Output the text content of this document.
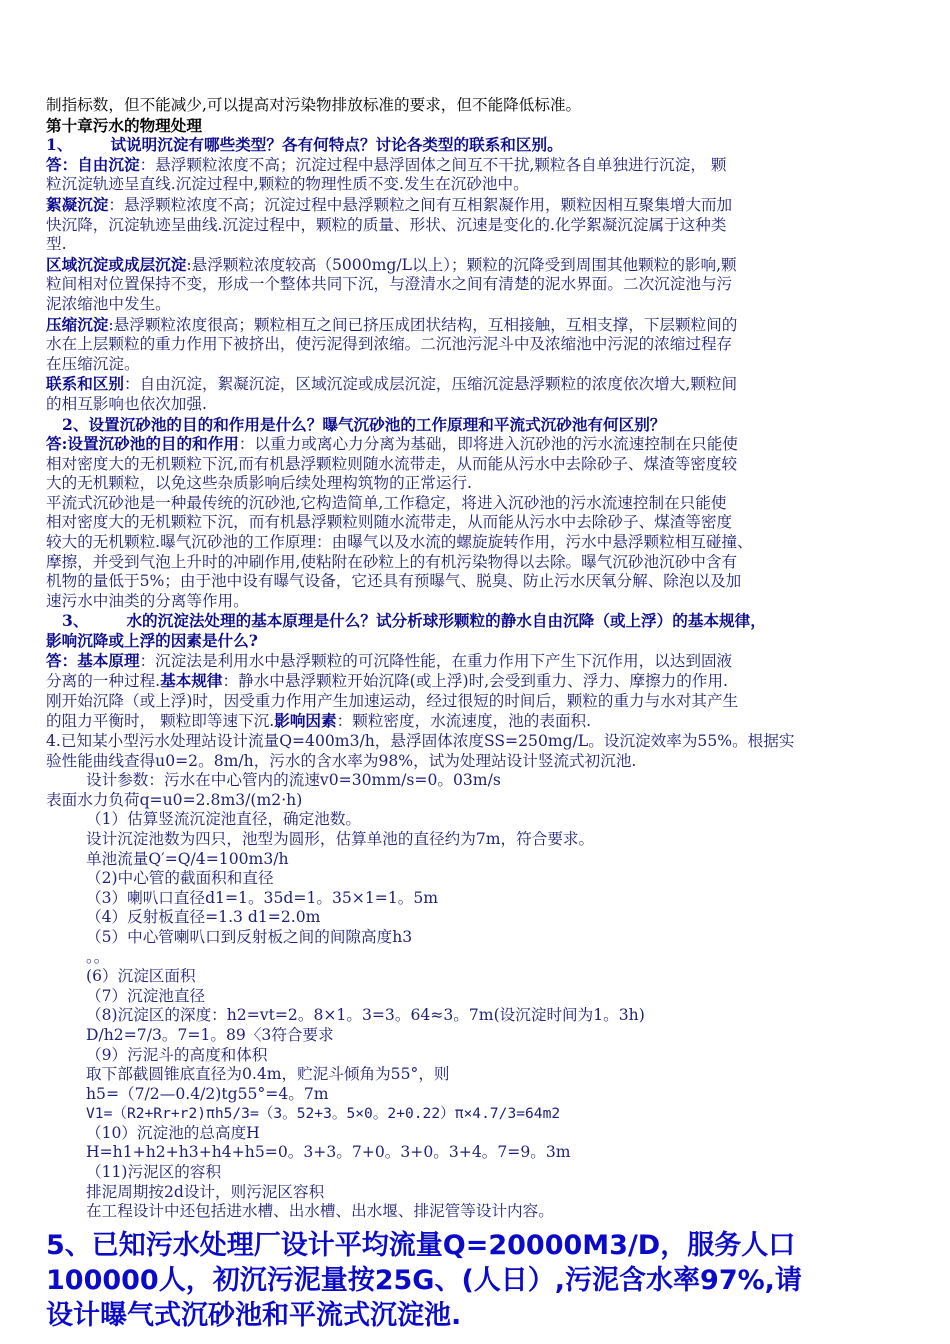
制指标数，但不能减少,可以提高对污染物排放标准的要求，但不能降低标准。
第十章污水的物理处理
1、 试说明沉淀有哪些类型？各有何特点？讨论各类型的联系和区别。
答：自由沉淀：悬浮颗粒浓度不高；沉淀过程中悬浮固体之间互不干扰,颗粒各自单独进行沉淀， 颗
粒沉淀轨迹呈直线.沉淀过程中,颗粒的物理性质不变.发生在沉砂池中。
絮凝沉淀：悬浮颗粒浓度不高；沉淀过程中悬浮颗粒之间有互相絮凝作用，颗粒因相互聚集增大而加
快沉降，沉淀轨迹呈曲线.沉淀过程中，颗粒的质量、形状、沉速是变化的.化学絮凝沉淀属于这种类
型.
区域沉淀或成层沉淀:悬浮颗粒浓度较高（5000mg/L以上）；颗粒的沉降受到周围其他颗粒的影响,颗
粒间相对位置保持不变，形成一个整体共同下沉，与澄清水之间有清楚的泥水界面。二次沉淀池与污
泥浓缩池中发生。
压缩沉淀:悬浮颗粒浓度很高；颗粒相互之间已挤压成团状结构，互相接触，互相支撑，下层颗粒间的
水在上层颗粒的重力作用下被挤出，使污泥得到浓缩。二沉池污泥斗中及浓缩池中污泥的浓缩过程存
在压缩沉淀。
联系和区别：自由沉淀，絮凝沉淀，区域沉淀或成层沉淀，压缩沉淀悬浮颗粒的浓度依次增大,颗粒间
的相互影响也依次加强.
2、设置沉砂池的目的和作用是什么？曝气沉砂池的工作原理和平流式沉砂池有何区别？
答:设置沉砂池的目的和作用：以重力或离心力分离为基础，即将进入沉砂池的污水流速控制在只能使
相对密度大的无机颗粒下沉,而有机悬浮颗粒则随水流带走，从而能从污水中去除砂子、煤渣等密度较
大的无机颗粒，以免这些杂质影响后续处理构筑物的正常运行.
平流式沉砂池是一种最传统的沉砂池,它构造简单,工作稳定，将进入沉砂池的污水流速控制在只能使
相对密度大的无机颗粒下沉，而有机悬浮颗粒则随水流带走，从而能从污水中去除砂子、煤渣等密度
较大的无机颗粒.曝气沉砂池的工作原理：由曝气以及水流的螺旋旋转作用，污水中悬浮颗粒相互碰撞、
摩擦，并受到气泡上升时的冲刷作用,使粘附在砂粒上的有机污染物得以去除。曝气沉砂池沉砂中含有
机物的量低于5%；由于池中设有曝气设备，它还具有预曝气、脱臭、防止污水厌氧分解、除泡以及加
速污水中油类的分离等作用。
3、 水的沉淀法处理的基本原理是什么？试分析球形颗粒的静水自由沉降（或上浮）的基本规律，
影响沉降或上浮的因素是什么?
答：基本原理：沉淀法是利用水中悬浮颗粒的可沉降性能，在重力作用下产生下沉作用，以达到固液
分离的一种过程.基本规律：静水中悬浮颗粒开始沉降(或上浮)时,会受到重力、浮力、摩擦力的作用.
刚开始沉降（或上浮)时，因受重力作用产生加速运动，经过很短的时间后，颗粒的重力与水对其产生
的阻力平衡时， 颗粒即等速下沉.影响因素：颗粒密度，水流速度，池的表面积.
4.已知某小型污水处理站设计流量Q=400m3/h，悬浮固体浓度SS=250mg/L。设沉淀效率为55%。根据实
验性能曲线查得u0=2。8m/h，污水的含水率为98%，试为处理站设计竖流式初沉池.
设计参数：污水在中心管内的流速v0=30mm/s=0。03m/s
表面水力负荷q=u0=2.8m3/(m2·h)
（1）估算竖流沉淀池直径，确定池数。
设计沉淀池数为四只，池型为圆形，估算单池的直径约为7m，符合要求。
单池流量Q′=Q/4=100m3/h
（2)中心管的截面积和直径
（3）喇叭口直径d1=1。35d=1。35×1=1。5m
（4）反射板直径=1.3 d1=2.0m
（5）中心管喇叭口到反射板之间的间隙高度h3
。。
(6）沉淀区面积
（7）沉淀池直径
（8)沉淀区的深度：h2=vt=2。8×1。3=3。64≈3。7m(设沉淀时间为1。3h)
D/h2=7/3。7=1。89〈3符合要求
（9）污泥斗的高度和体积
取下部截圆锥底直径为0.4m，贮泥斗倾角为55°，则
h5=（7/2—0.4/2)tg55°=4。7m
V1=（R2+Rr+r2)πh5/3=（3。52+3。5×0。2+0.22）π×4.7/3=64m2
（10）沉淀池的总高度H
H=h1+h2+h3+h4+h5=0。3+3。7+0。3+0。3+4。7=9。3m
（11)污泥区的容积
排泥周期按2d设计，则污泥区容积
在工程设计中还包括进水槽、出水槽、出水堰、排泥管等设计内容。
5、已知污水处理厂设计平均流量Q=20000M3/D，服务人口
100000人，初沉污泥量按25G、(人日）,污泥含水率97%,请
设计曝气式沉砂池和平流式沉淀池.
